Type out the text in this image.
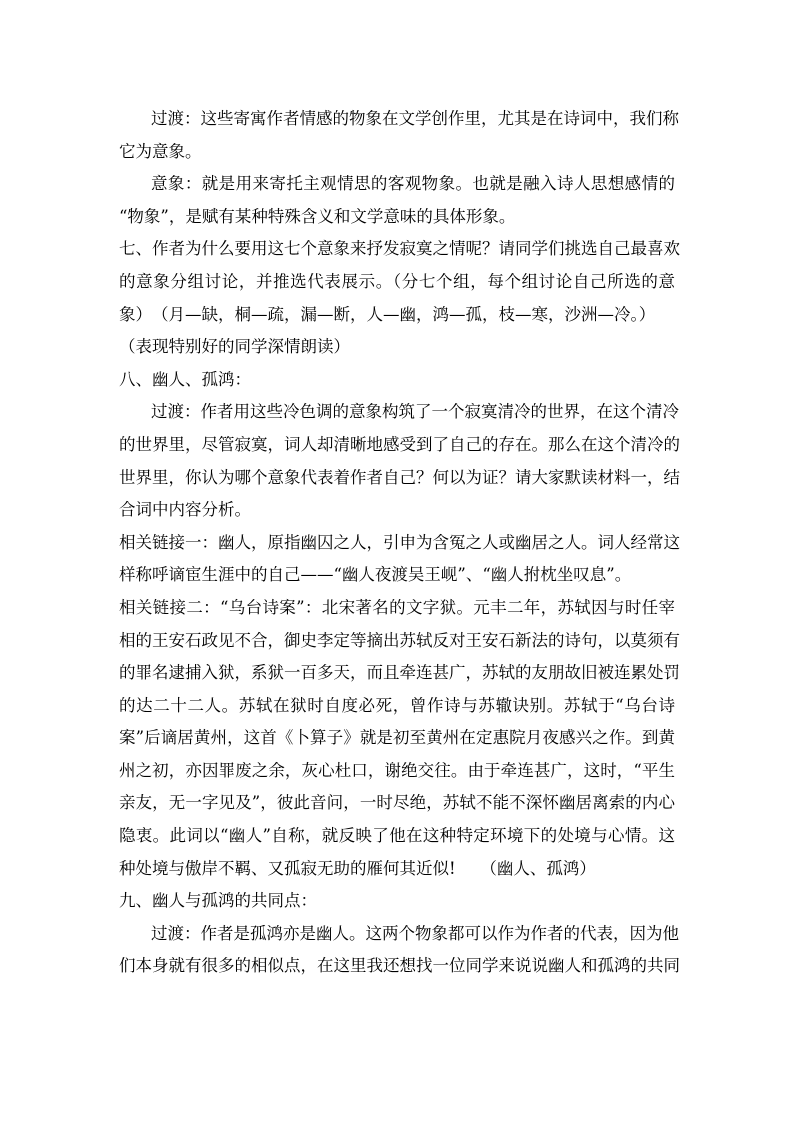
过渡：这些寄寓作者情感的物象在文学创作里，尤其是在诗词中，我们称

它为意象。

意象：就是用来寄托主观情思的客观物象。也就是融入诗人思想感情的

“物象”，是赋有某种特殊含义和文学意味的具体形象。

七、作者为什么要用这七个意象来抒发寂寞之情呢？请同学们挑选自己最喜欢

的意象分组讨论，并推选代表展示。（分七个组，每个组讨论自己所选的意

象）　（月—缺，桐—疏，漏—断，人—幽，鸿—孤，枝—寒，沙洲—冷。）

（表现特别好的同学深情朗读）

八、幽人、孤鸿：

过渡：作者用这些冷色调的意象构筑了一个寂寞清冷的世界，在这个清冷

的世界里，尽管寂寞，词人却清晰地感受到了自己的存在。那么在这个清冷的

世界里，你认为哪个意象代表着作者自己？何以为证？请大家默读材料一，结

合词中内容分析。

相关链接一：幽人，原指幽囚之人，引申为含冤之人或幽居之人。词人经常这

样称呼谪宦生涯中的自己——“幽人夜渡吴王岘”、“幽人拊枕坐叹息”。

相关链接二：“乌台诗案”：北宋著名的文字狱。元丰二年，苏轼因与时任宰

相的王安石政见不合，御史李定等摘出苏轼反对王安石新法的诗句，以莫须有

的罪名逮捕入狱，系狱一百多天，而且牵连甚广，苏轼的友朋故旧被连累处罚

的达二十二人。苏轼在狱时自度必死，曾作诗与苏辙诀别。苏轼于“乌台诗

案”后谪居黄州，这首《卜算子》就是初至黄州在定惠院月夜感兴之作。到黄

州之初，亦因罪废之余，灰心杜口，谢绝交往。由于牵连甚广，这时，“平生

亲友，无一字见及”，彼此音问，一时尽绝，苏轼不能不深怀幽居离索的内心

隐衷。此词以“幽人”自称，就反映了他在这种特定环境下的处境与心情。这

种处境与傲岸不羁、又孤寂无助的雁何其近似!　　（幽人、孤鸿）

九、幽人与孤鸿的共同点：

过渡：作者是孤鸿亦是幽人。这两个物象都可以作为作者的代表，因为他

们本身就有很多的相似点，在这里我还想找一位同学来说说幽人和孤鸿的共同
